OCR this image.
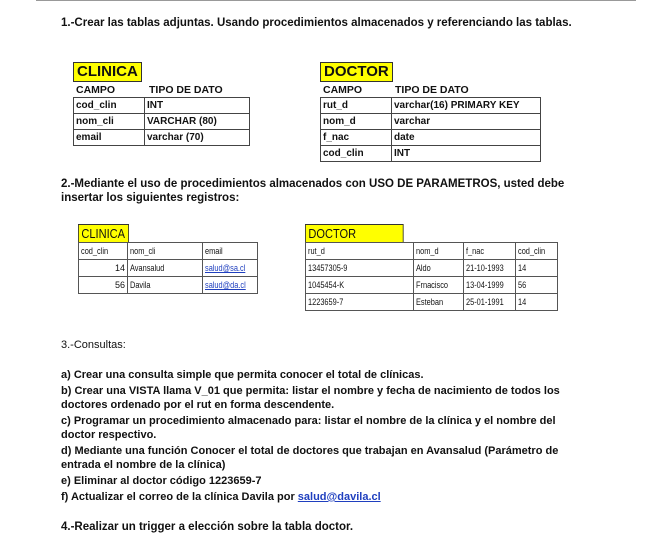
1.-Crear las tablas adjuntas. Usando procedimientos almacenados y referenciando las tablas.
CLINICA
CAMPO	TIPO DE DATO
cod_clin	INT
nom_cli	VARCHAR (80)
email	varchar (70)
DOCTOR
CAMPO	TIPO DE DATO
rut_d	varchar(16) PRIMARY KEY
nom_d	varchar
f_nac	date
cod_clin	INT
2.-Mediante el uso de procedimientos almacenados con USO DE PARAMETROS, usted debe
insertar los siguientes registros:
CLINICA
cod_clin	nom_cli	email
14	Avansalud	salud@sa.cl
56	Davila	salud@da.cl
DOCTOR
rut_d	nom_d	f_nac	cod_clin
13457305-9	Aldo	21-10-1993	14
1045454-K	Frnacisco	13-04-1999	56
1223659-7	Esteban	25-01-1991	14
3.-Consultas:
a) Crear una consulta simple que permita conocer el total de clínicas.
b) Crear una VISTA llama V_01 que permita: listar el nombre y fecha de nacimiento de todos los doctores ordenado por el rut en forma descendente.
c) Programar un procedimiento almacenado para: listar el nombre de la clínica y el nombre del doctor respectivo.
d) Mediante una función Conocer el total de doctores que trabajan en Avansalud (Parámetro de entrada el nombre de la clínica)
e) Eliminar al doctor código 1223659-7
f) Actualizar el correo de la clínica Davila por salud@davila.cl
4.-Realizar un trigger a elección sobre la tabla doctor.
